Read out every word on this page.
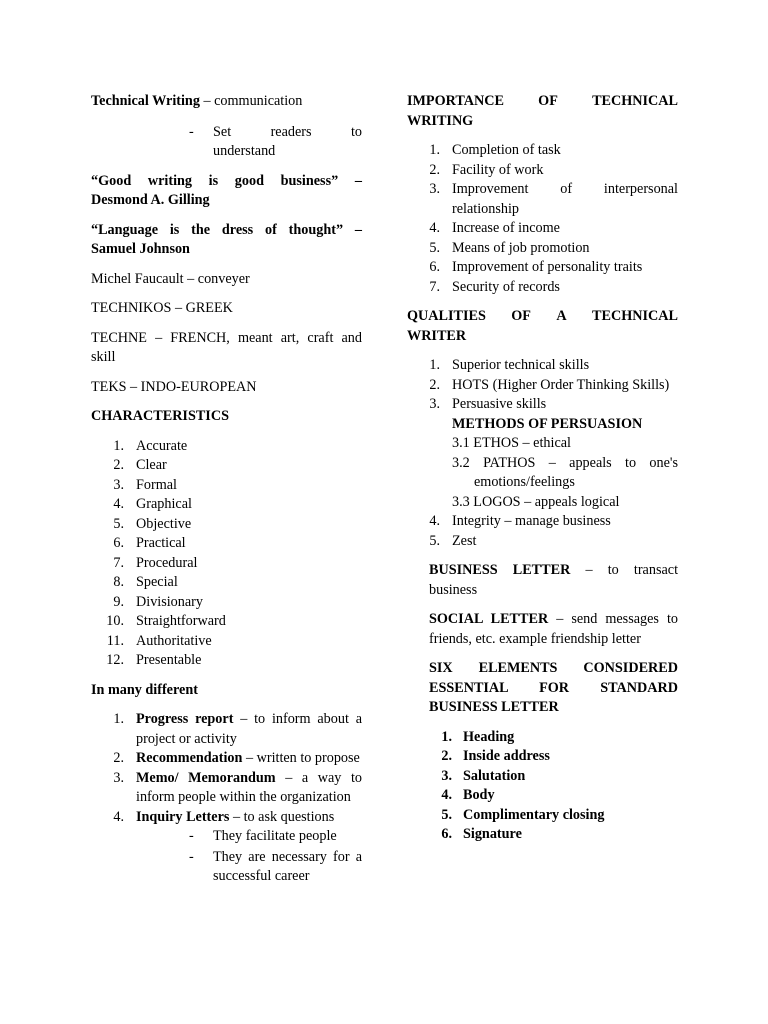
Technical Writing – communication

-	Set	readers	to
understand
“Good writing is good business” –
Desmond A. Gilling
“Language is the dress of thought” –
Samuel Johnson

Michel Faucault – conveyer

TECHNIKOS – GREEK

TECHNE – FRENCH, meant art, craft and skill

TEKS – INDO-EUROPEAN

CHARACTERISTICS

1. Accurate
2. Clear
3. Formal
4. Graphical
5. Objective
6. Practical
7. Procedural
8. Special
9. Divisionary
10. Straightforward
11. Authoritative
12. Presentable

In many different

1. Progress report – to inform about a project or activity
2. Recommendation – written to propose
3. Memo/ Memorandum – a way to inform people within the organization
4. Inquiry Letters – to ask questions
-	They facilitate people
-	They are necessary for a successful career
IMPORTANCE OF TECHNICAL
WRITING
1. Completion of task
2. Facility of work
3. Improvement of interpersonal relationship
4. Increase of income
5. Means of job promotion
6. Improvement of personality traits
7. Security of records
QUALITIES OF A TECHNICAL
WRITER
1. Superior technical skills
2. HOTS (Higher Order Thinking Skills)
3. Persuasive skills
METHODS OF PERSUASION
3.1 ETHOS – ethical
3.2 PATHOS – appeals to one's emotions/feelings
3.3 LOGOS – appeals logical
4. Integrity – manage business
5. Zest

BUSINESS LETTER – to transact business

SOCIAL LETTER – send messages to friends, etc. example friendship letter

SIX ELEMENTS CONSIDERED ESSENTIAL FOR STANDARD BUSINESS LETTER

1. Heading
2. Inside address
3. Salutation
4. Body
5. Complimentary closing
6. Signature
